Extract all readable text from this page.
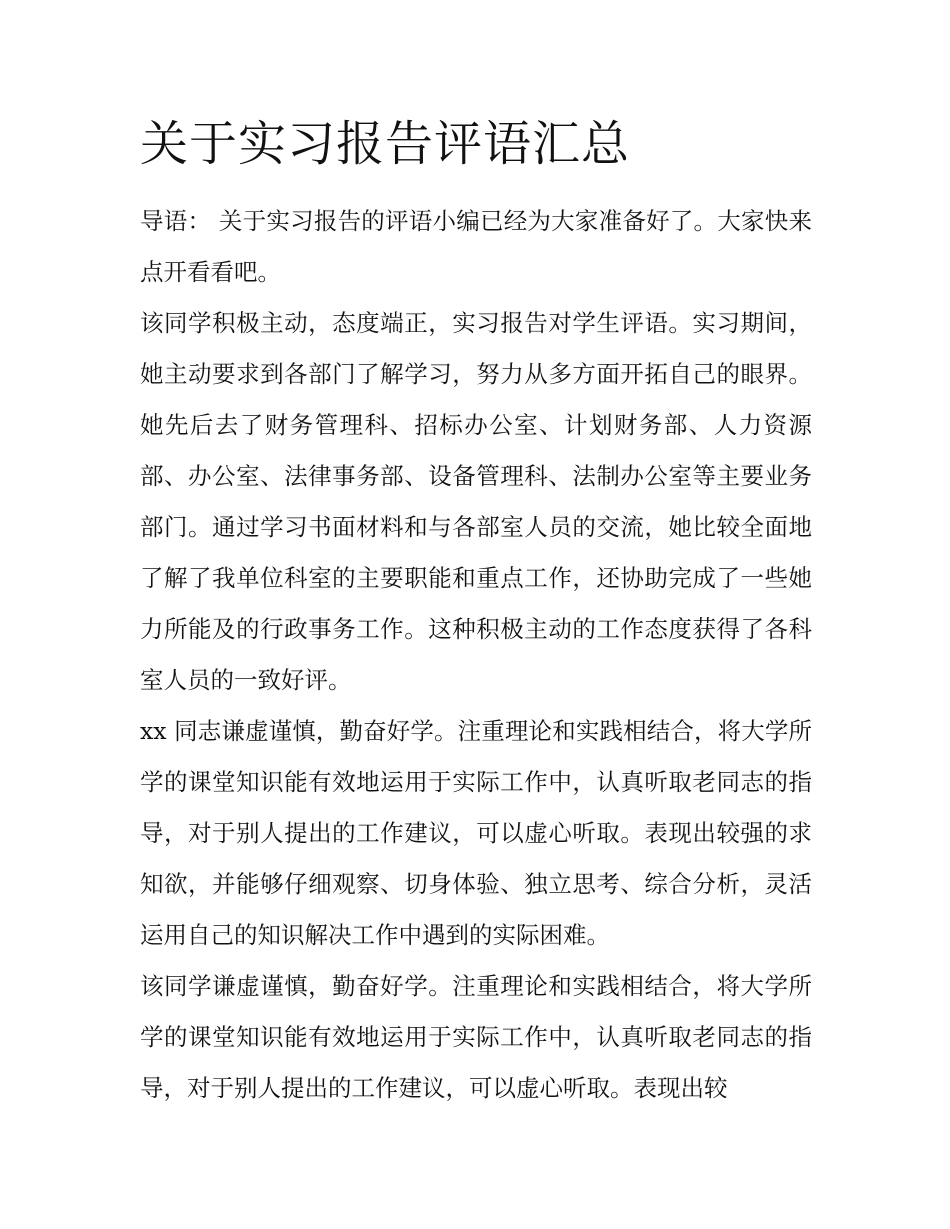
关于实习报告评语汇总

导语： 关于实习报告的评语小编已经为大家准备好了。大家快来点开看看吧。

该同学积极主动，态度端正，实习报告对学生评语。实习期间，她主动要求到各部门了解学习，努力从多方面开拓自己的眼界。她先后去了财务管理科、招标办公室、计划财务部、人力资源部、办公室、法律事务部、设备管理科、法制办公室等主要业务部门。通过学习书面材料和与各部室人员的交流，她比较全面地了解了我单位科室的主要职能和重点工作，还协助完成了一些她力所能及的行政事务工作。这种积极主动的工作态度获得了各科室人员的一致好评。

xx 同志谦虚谨慎，勤奋好学。注重理论和实践相结合，将大学所学的课堂知识能有效地运用于实际工作中，认真听取老同志的指导，对于别人提出的工作建议，可以虚心听取。表现出较强的求知欲，并能够仔细观察、切身体验、独立思考、综合分析，灵活运用自己的知识解决工作中遇到的实际困难。

该同学谦虚谨慎，勤奋好学。注重理论和实践相结合，将大学所学的课堂知识能有效地运用于实际工作中，认真听取老同志的指导，对于别人提出的工作建议，可以虚心听取。表现出较
